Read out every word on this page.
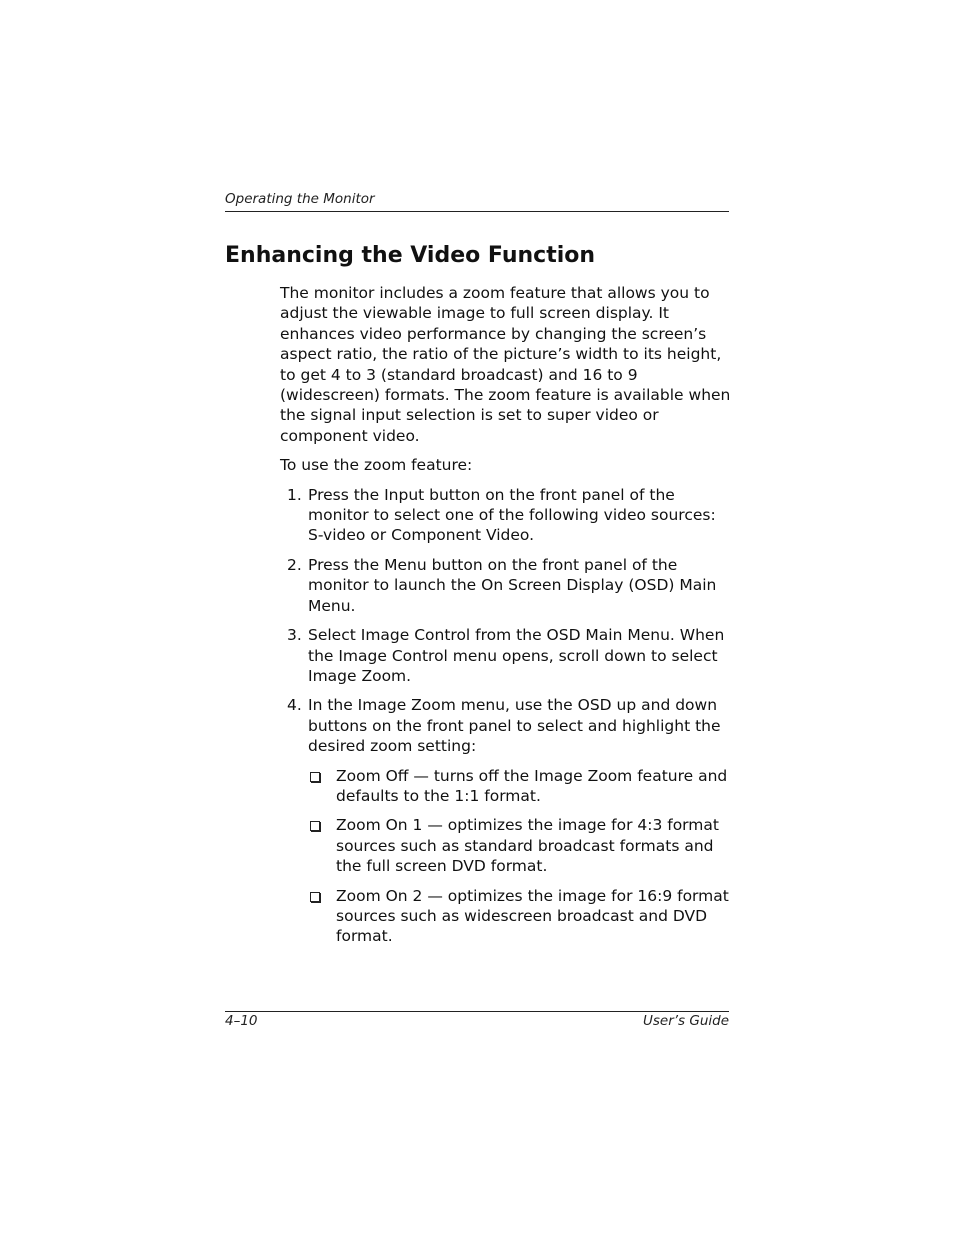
Operating the Monitor
Enhancing the Video Function

The monitor includes a zoom feature that allows you to adjust the viewable image to full screen display. It enhances video performance by changing the screen’s aspect ratio, the ratio of the picture’s width to its height, to get 4 to 3 (standard broadcast) and 16 to 9 (widescreen) formats. The zoom feature is available when the signal input selection is set to super video or component video.

To use the zoom feature:

1. Press the Input button on the front panel of the monitor to select one of the following video sources: S-video or Component Video.
2. Press the Menu button on the front panel of the monitor to launch the On Screen Display (OSD) Main Menu.
3. Select Image Control from the OSD Main Menu. When the Image Control menu opens, scroll down to select Image Zoom.
4. In the Image Zoom menu, use the OSD up and down buttons on the front panel to select and highlight the desired zoom setting:
Zoom Off — turns off the Image Zoom feature and defaults to the 1:1 format.
Zoom On 1 — optimizes the image for 4:3 format sources such as standard broadcast formats and the full screen DVD format.
Zoom On 2 — optimizes the image for 16:9 format sources such as widescreen broadcast and DVD format.
4–10	User’s Guide
